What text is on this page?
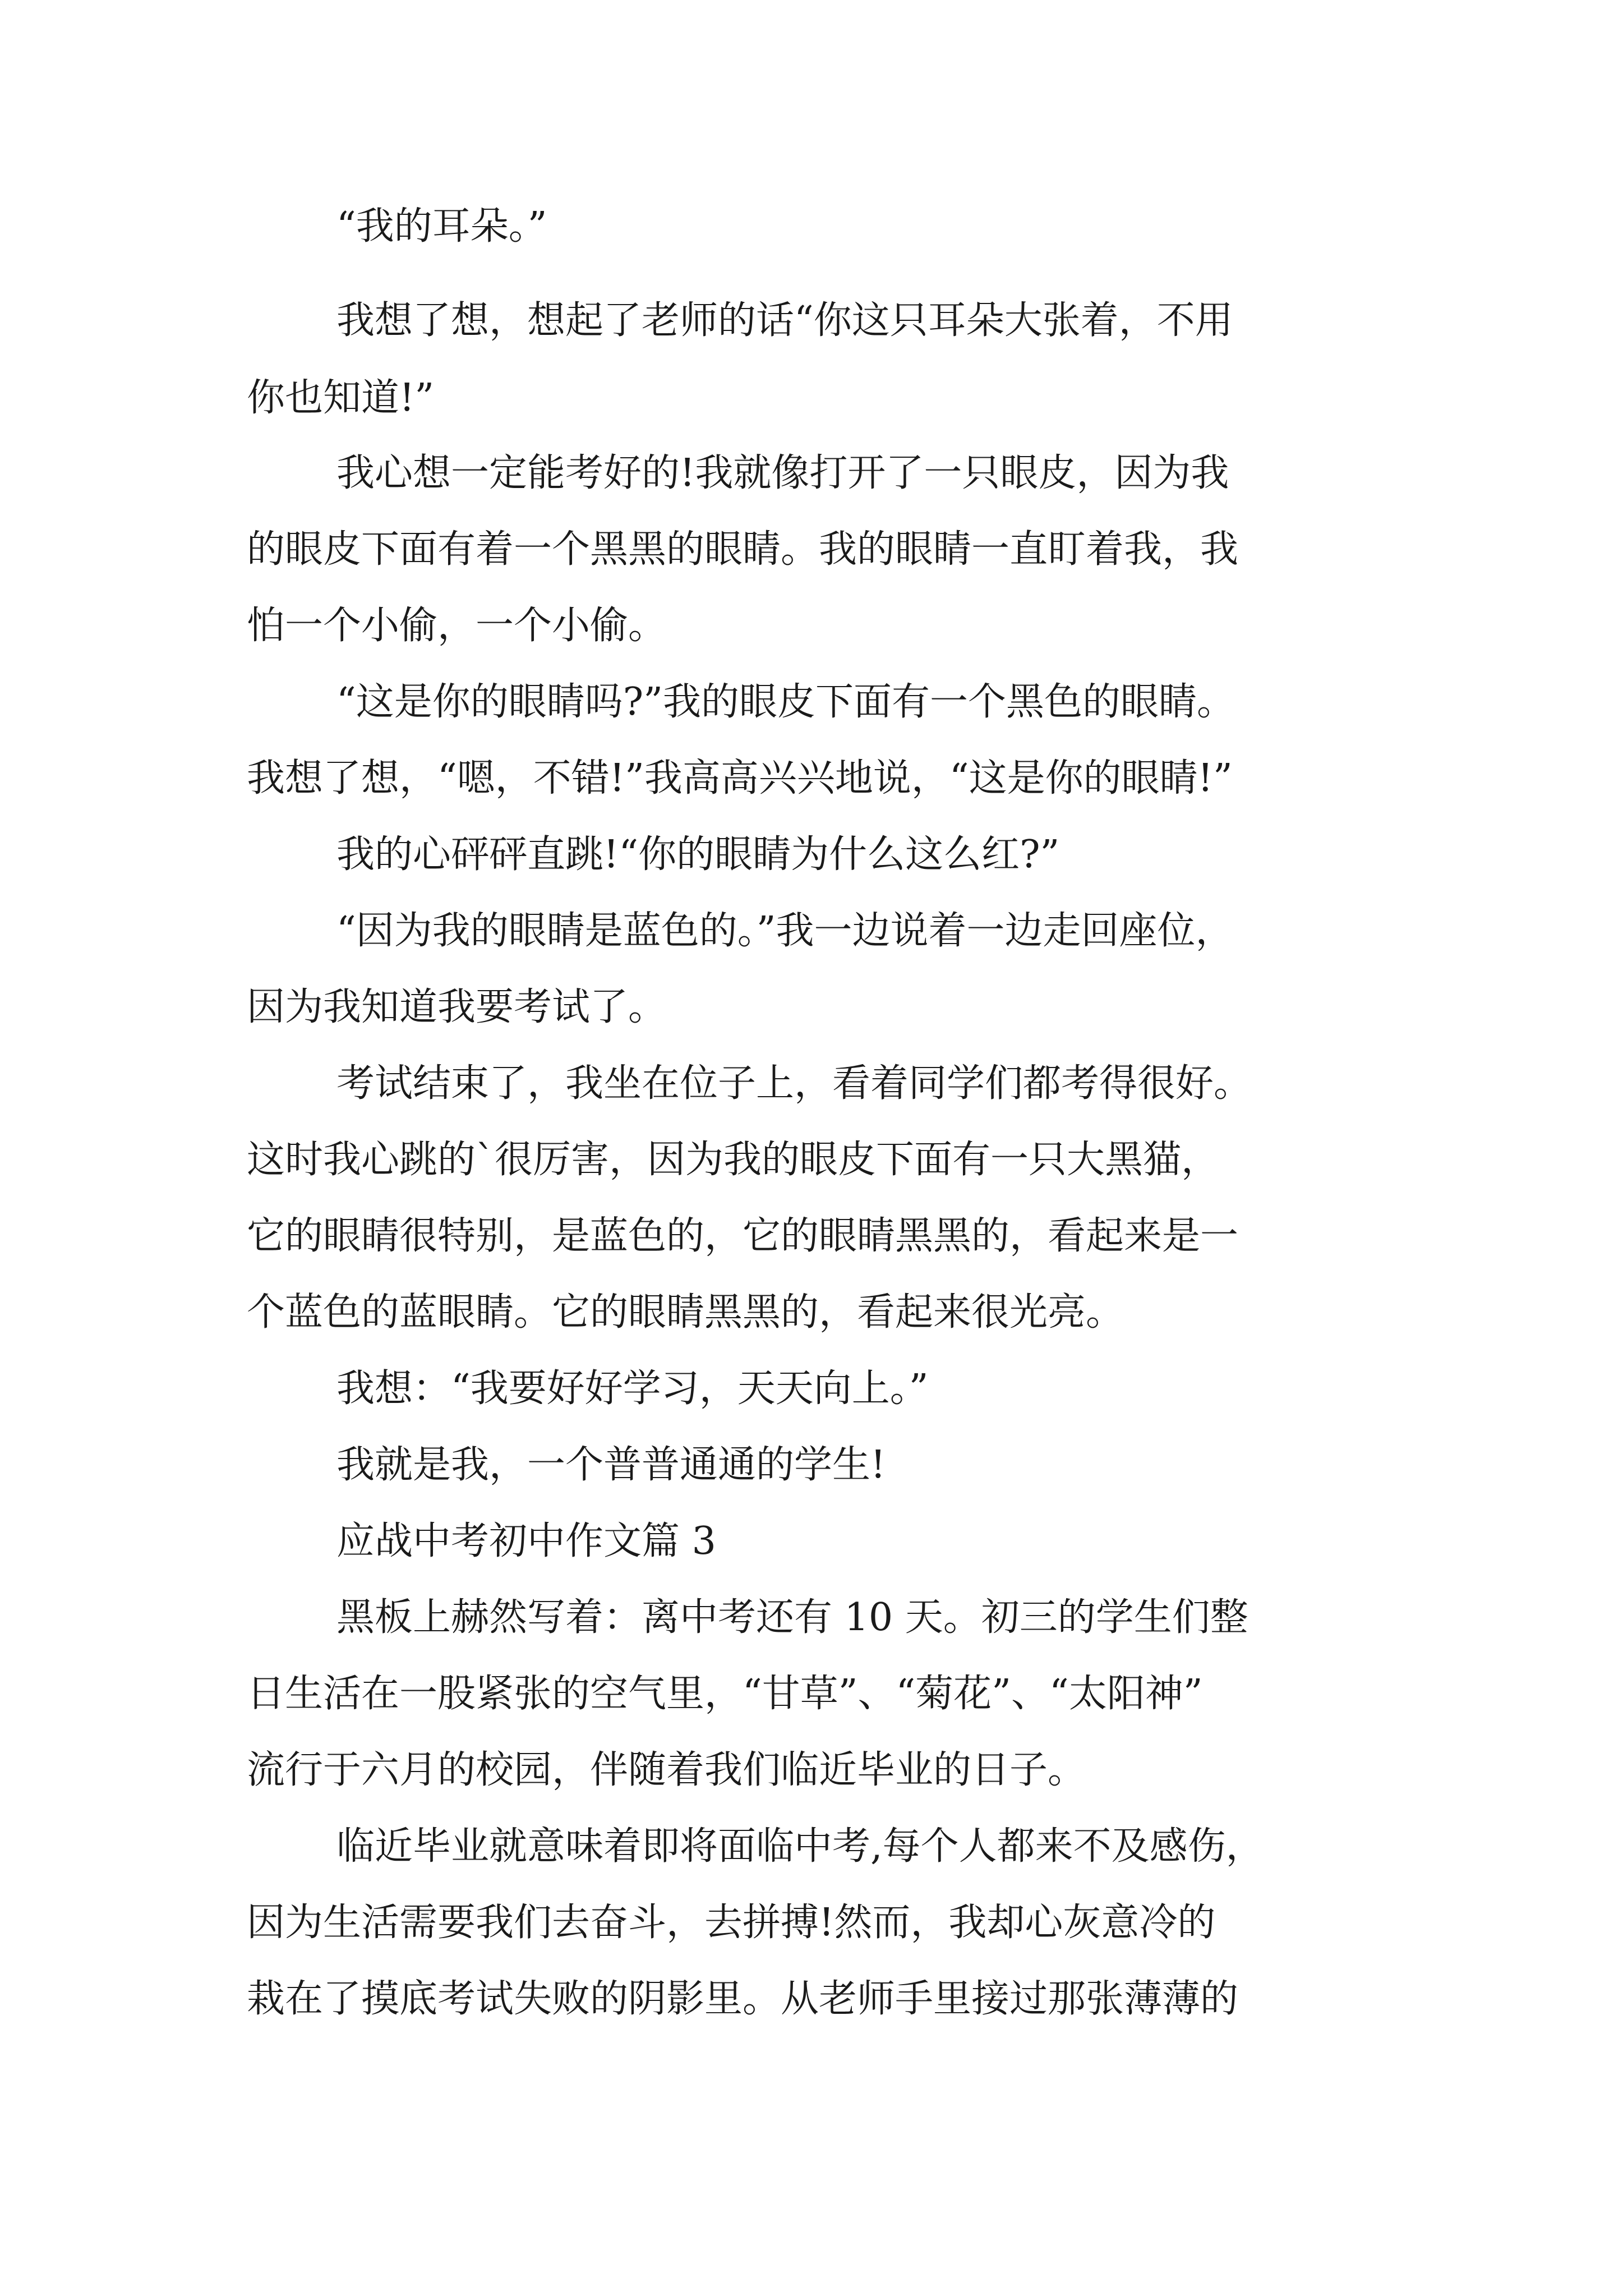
“我的耳朵。”
我想了想，想起了老师的话“你这只耳朵大张着，不用
你也知道!”
我心想一定能考好的!我就像打开了一只眼皮，因为我
的眼皮下面有着一个黑黑的眼睛。我的眼睛一直盯着我，我
怕一个小偷，一个小偷。
“这是你的眼睛吗?”我的眼皮下面有一个黑色的眼睛。
我想了想，“嗯，不错!”我高高兴兴地说，“这是你的眼睛!”
我的心砰砰直跳!“你的眼睛为什么这么红?”
“因为我的眼睛是蓝色的。”我一边说着一边走回座位，
因为我知道我要考试了。
考试结束了，我坐在位子上，看着同学们都考得很好。
这时我心跳的`很厉害，因为我的眼皮下面有一只大黑猫，
它的眼睛很特别，是蓝色的，它的眼睛黑黑的，看起来是一
个蓝色的蓝眼睛。它的眼睛黑黑的，看起来很光亮。
我想：“我要好好学习，天天向上。”
我就是我，一个普普通通的学生!
应战中考初中作文篇 3
黑板上赫然写着：离中考还有 10 天。初三的学生们整
日生活在一股紧张的空气里，“甘草”、“菊花”、“太阳神”
流行于六月的校园，伴随着我们临近毕业的日子。
临近毕业就意味着即将面临中考,每个人都来不及感伤，
因为生活需要我们去奋斗，去拼搏!然而，我却心灰意冷的
栽在了摸底考试失败的阴影里。从老师手里接过那张薄薄的
